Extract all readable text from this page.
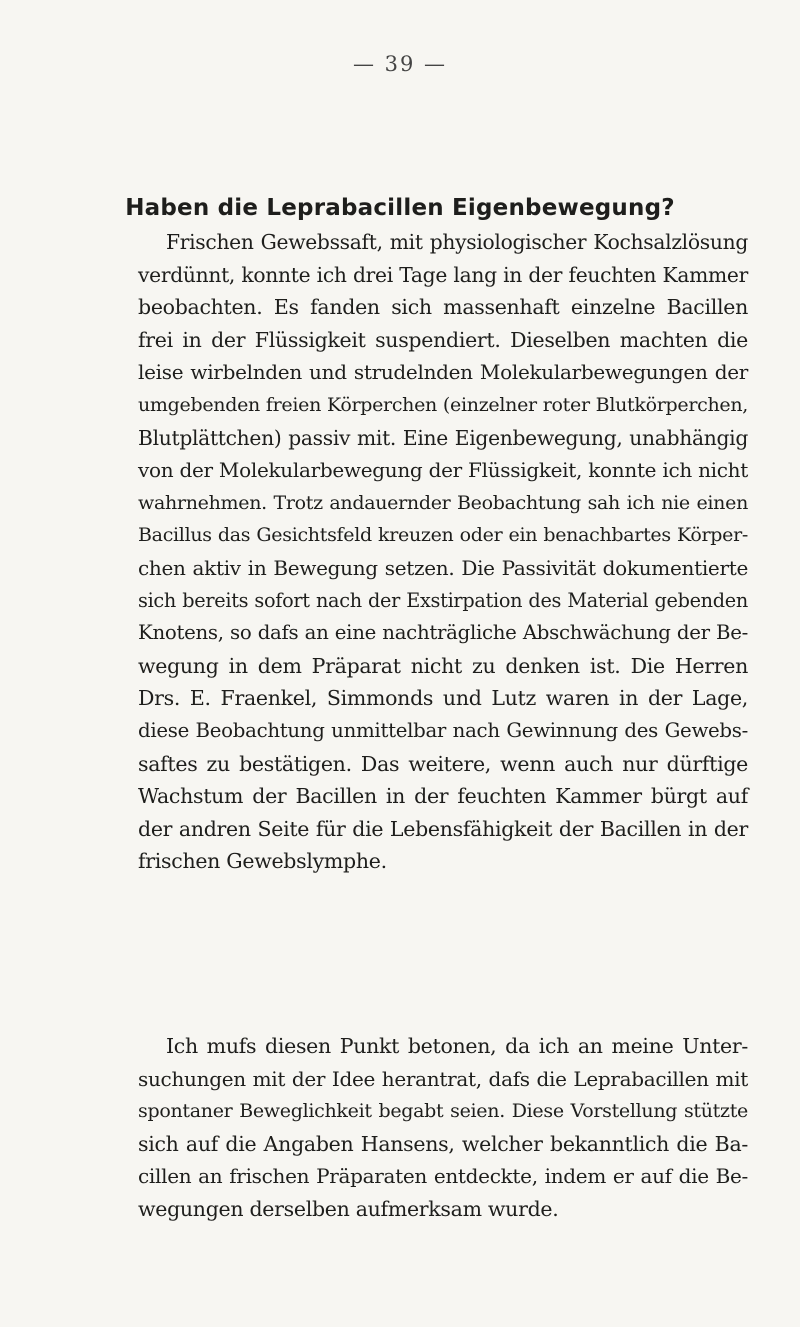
— 39 —
Haben die Leprabacillen Eigenbewegung?
Frischen Gewebssaft, mit physiologischer Kochsalzlösung
verdünnt, konnte ich drei Tage lang in der feuchten Kammer
beobachten. Es fanden sich massenhaft einzelne Bacillen
frei in der Flüssigkeit suspendiert. Dieselben machten die
leise wirbelnden und strudelnden Molekularbewegungen der
umgebenden freien Körperchen (einzelner roter Blutkörperchen,
Blutplättchen) passiv mit. Eine Eigenbewegung, unabhängig
von der Molekularbewegung der Flüssigkeit, konnte ich nicht
wahrnehmen. Trotz andauernder Beobachtung sah ich nie einen
Bacillus das Gesichtsfeld kreuzen oder ein benachbartes Körper-
chen aktiv in Bewegung setzen. Die Passivität dokumentierte
sich bereits sofort nach der Exstirpation des Material gebenden
Knotens, so dafs an eine nachträgliche Abschwächung der Be-
wegung in dem Präparat nicht zu denken ist. Die Herren
Drs. E. Fraenkel, Simmonds und Lutz waren in der Lage,
diese Beobachtung unmittelbar nach Gewinnung des Gewebs-
saftes zu bestätigen. Das weitere, wenn auch nur dürftige
Wachstum der Bacillen in der feuchten Kammer bürgt auf
der andren Seite für die Lebensfähigkeit der Bacillen in der
frischen Gewebslymphe.
Ich mufs diesen Punkt betonen, da ich an meine Unter-
suchungen mit der Idee herantrat, dafs die Leprabacillen mit
spontaner Beweglichkeit begabt seien. Diese Vorstellung stützte
sich auf die Angaben Hansens, welcher bekanntlich die Ba-
cillen an frischen Präparaten entdeckte, indem er auf die Be-
wegungen derselben aufmerksam wurde.
